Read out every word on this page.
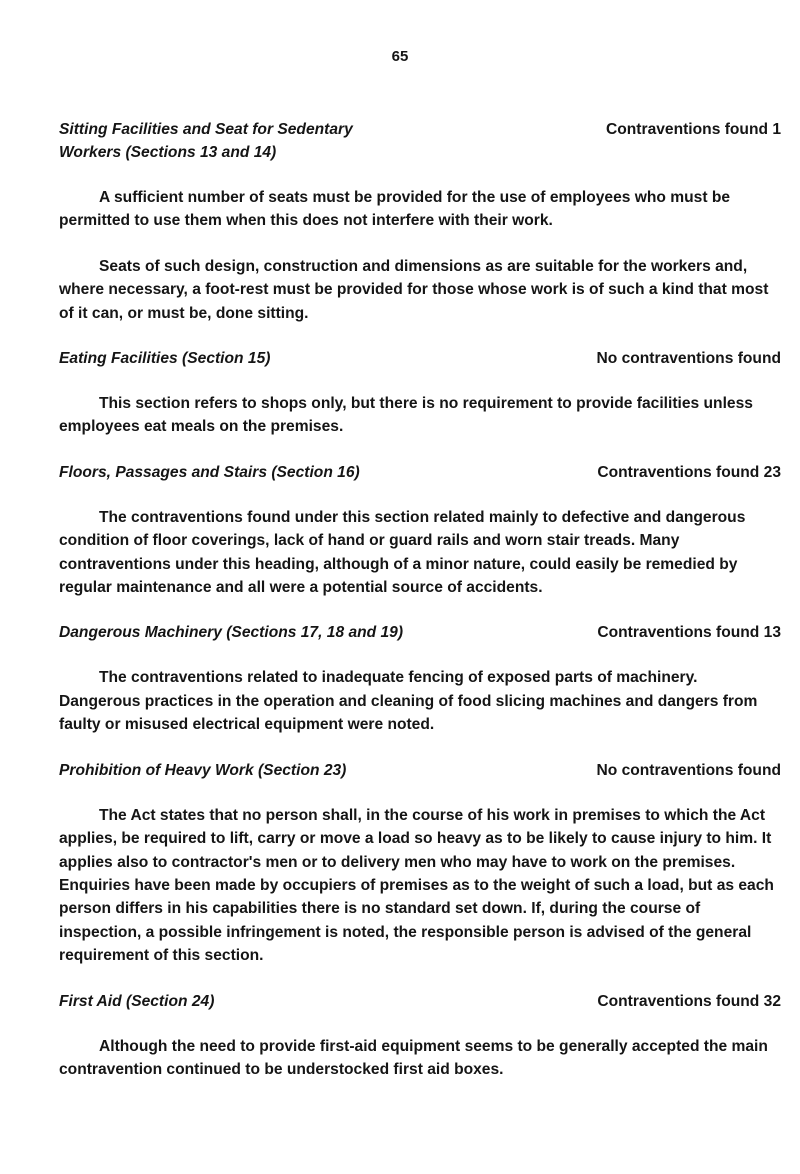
65
Sitting Facilities and Seat for Sedentary Workers (Sections 13 and 14)
Contraventions found 1

A sufficient number of seats must be provided for the use of employees who must be permitted to use them when this does not interfere with their work.

Seats of such design, construction and dimensions as are suitable for the workers and, where necessary, a foot-rest must be provided for those whose work is of such a kind that most of it can, or must be, done sitting.

Eating Facilities (Section 15)	No contraventions found

This section refers to shops only, but there is no requirement to provide facilities unless employees eat meals on the premises.

Floors, Passages and Stairs (Section 16)	Contraventions found 23

The contraventions found under this section related mainly to defective and dangerous condition of floor coverings, lack of hand or guard rails and worn stair treads. Many contraventions under this heading, although of a minor nature, could easily be remedied by regular maintenance and all were a potential source of accidents.

Dangerous Machinery (Sections 17, 18 and 19)	Contraventions found 13

The contraventions related to inadequate fencing of exposed parts of machinery. Dangerous practices in the operation and cleaning of food slicing machines and dangers from faulty or misused electrical equipment were noted.

Prohibition of Heavy Work (Section 23)	No contraventions found

The Act states that no person shall, in the course of his work in premises to which the Act applies, be required to lift, carry or move a load so heavy as to be likely to cause injury to him. It applies also to contractor's men or to delivery men who may have to work on the premises. Enquiries have been made by occupiers of premises as to the weight of such a load, but as each person differs in his capabilities there is no standard set down. If, during the course of inspection, a possible infringement is noted, the responsible person is advised of the general requirement of this section.

First Aid (Section 24)	Contraventions found 32

Although the need to provide first-aid equipment seems to be generally accepted the main contravention continued to be understocked first aid boxes.
